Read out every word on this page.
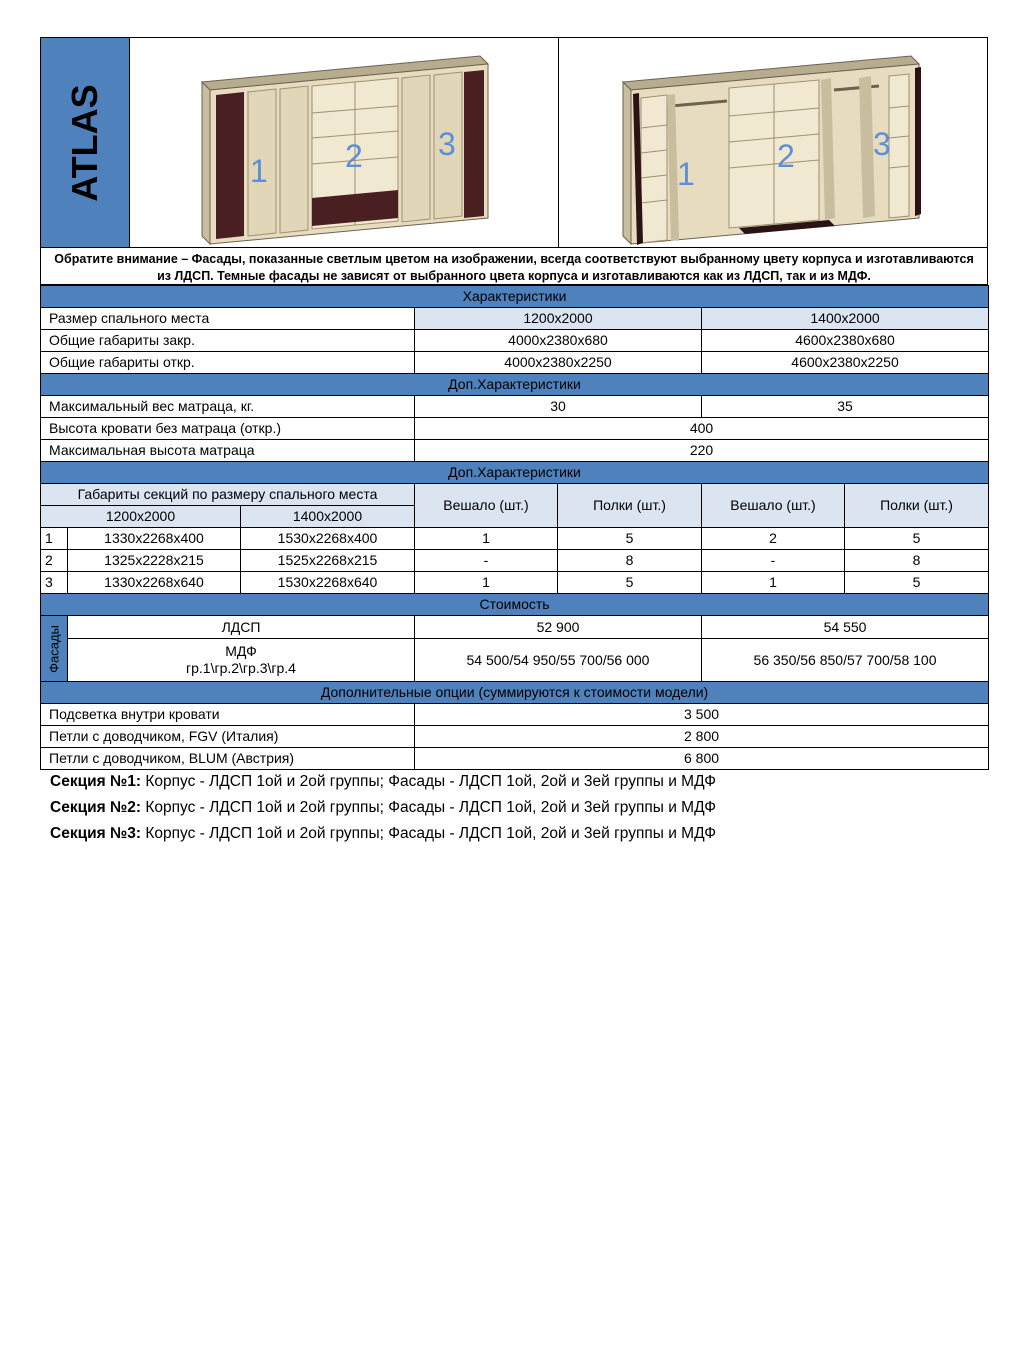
ATLAS	1 2 3
1	2 3
Обратите внимание – Фасады, показанные светлым цветом на изображении, всегда соответствуют выбранному цвету корпуса и изготавливаются из ЛДСП. Темные фасады не зависят от выбранного цвета корпуса и изготавливаются как из ЛДСП, так и из МДФ.
Характеристики						
Размер спального места			1200x2000		1400x2000	
Общие габариты закр.			4000x2380x680		4600x2380x680	
Общие габариты откр.			4000x2380x2250		4600x2380x2250	
Доп.Характеристики						
Максимальный вес матраца, кг.			30		35	
Высота кровати без матраца (откр.)			400			
Максимальная высота матраца			220			
Доп.Характеристики						
Габариты секций по размеру спального места			Вешало (шт.)	Полки (шт.)	Вешало (шт.)	Полки (шт.)
1200x2000		1400x2000				
1	1330x2268x400	1530x2268x400	1	5	2	5
2	1325x2228x215	1525x2268x215	-	8	-	8
3	1330x2268x640	1530x2268x640	1	5	1	5
Стоимость						

Фасады	ЛДСП		52 900		54 550	
	МДФ
гр.1\гр.2\гр.3\гр.4		54 500/54 950/55 700/56 000		56 350/56 850/57 700/58 100	
Дополнительные опции (суммируются к стоимости модели)						
Подсветка внутри кровати			3 500			
Петли с доводчиком, FGV (Италия)			2 800			
Петли с доводчиком, BLUM (Австрия)			6 800			

Секция №1: Корпус - ЛДСП 1ой и 2ой группы; Фасады - ЛДСП 1ой, 2ой и 3ей группы и МДФ

Секция №2: Корпус - ЛДСП 1ой и 2ой группы; Фасады - ЛДСП 1ой, 2ой и 3ей группы и МДФ

Секция №3: Корпус - ЛДСП 1ой и 2ой группы; Фасады - ЛДСП 1ой, 2ой и 3ей группы и МДФ
